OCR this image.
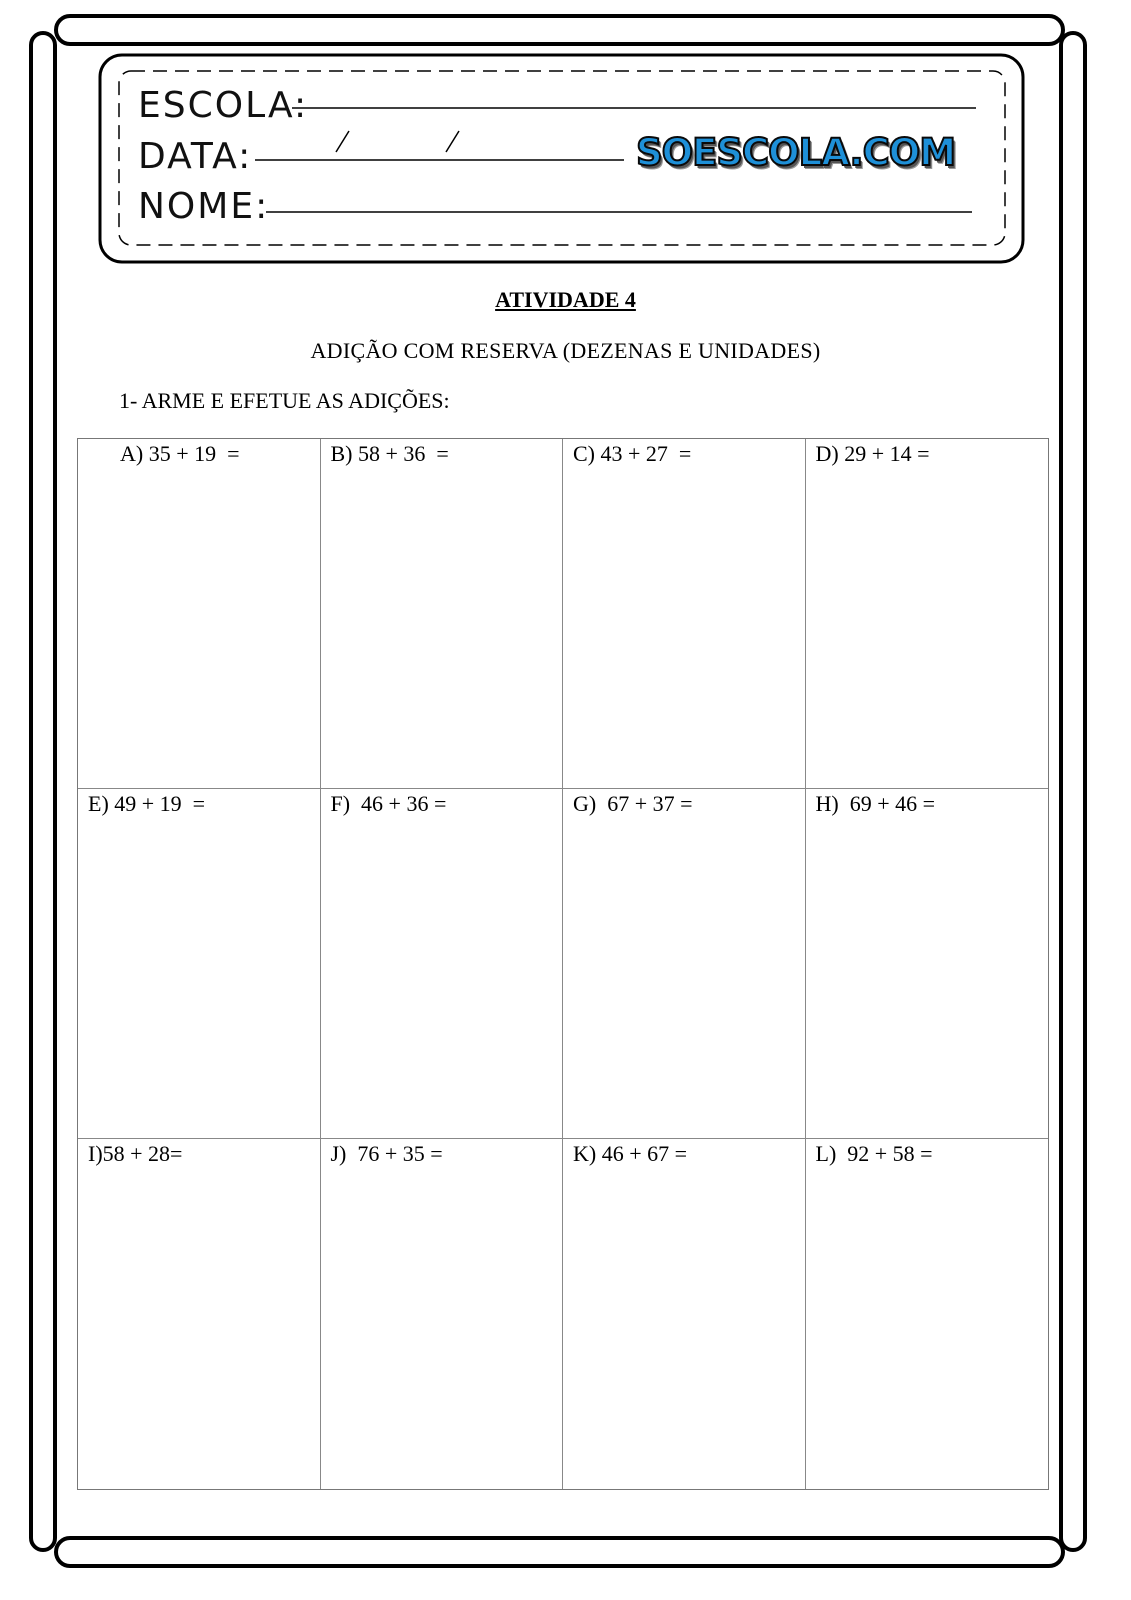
ESCOLA:
DATA:
NOME:
SOESCOLA.COM
ATIVIDADE 4
ADIÇÃO COM RESERVA (DEZENAS E UNIDADES)
1- ARME E EFETUE AS ADIÇÕES:
A) 35 + 19  =	B) 58 + 36  =	C) 43 + 27  =	D) 29 + 14 =
E) 49 + 19  =	F)  46 + 36 =	G)  67 + 37 =	H)  69 + 46 =
I)58 + 28=	J)  76 + 35 =	K) 46 + 67 =	L)  92 + 58 =
